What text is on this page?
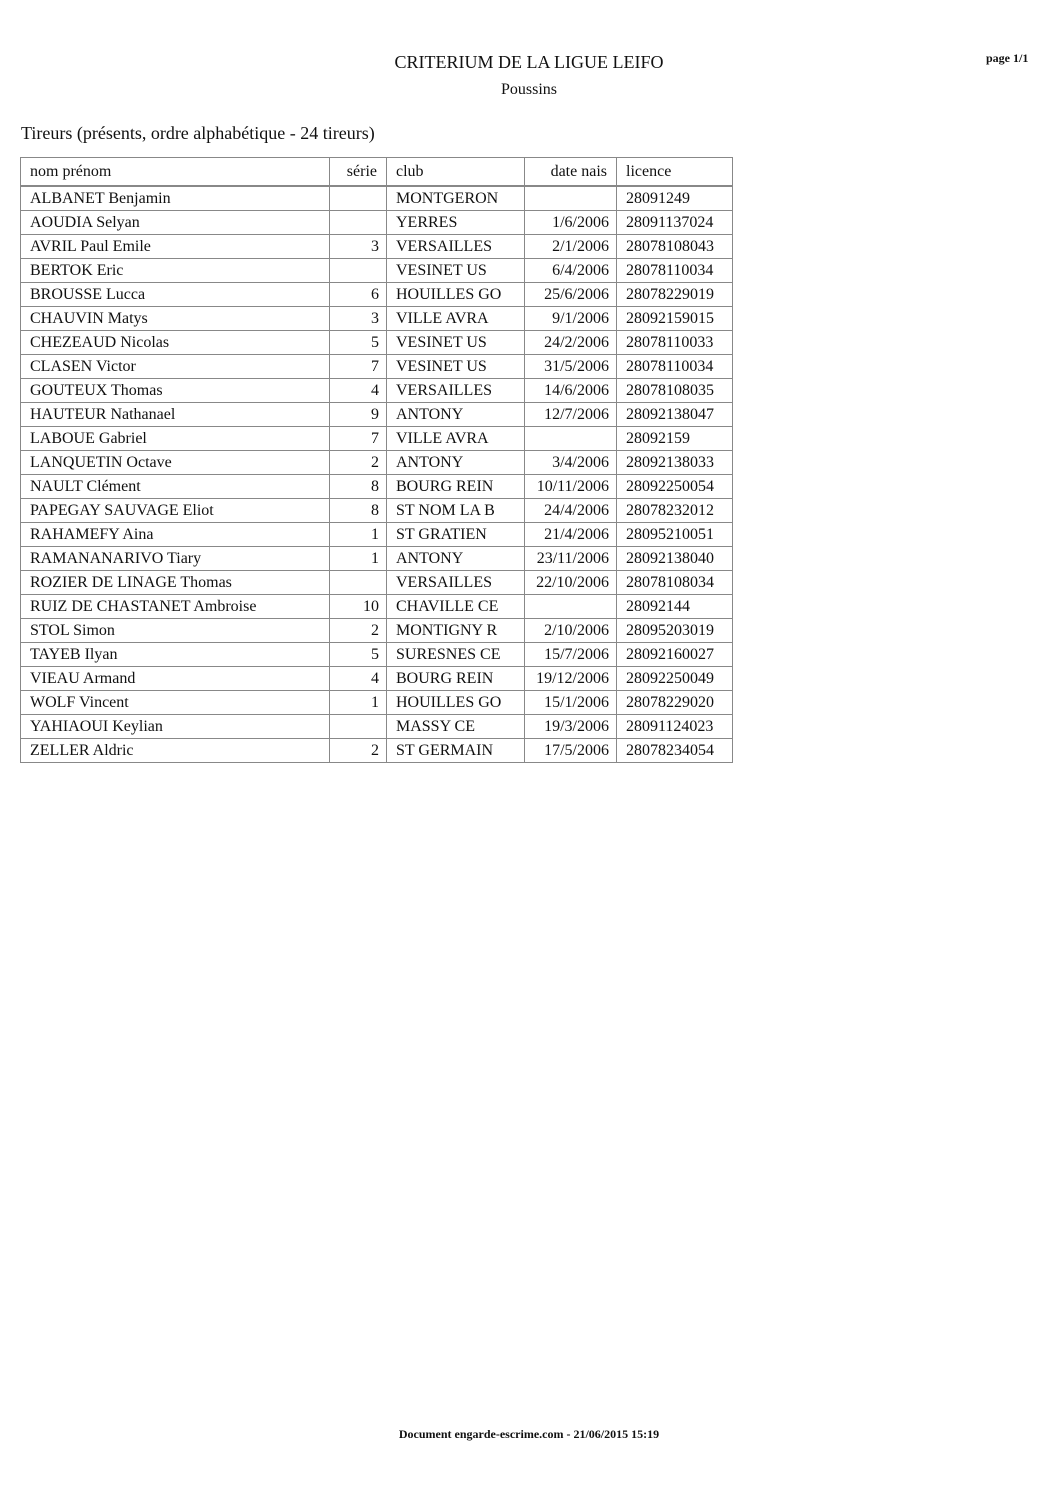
page 1/1
CRITERIUM DE LA LIGUE LEIFO
Poussins
Tireurs (présents, ordre alphabétique - 24 tireurs)
nom prénom	série	club	date nais	licence
ALBANET Benjamin		MONTGERON		28091249
AOUDIA Selyan		YERRES	1/6/2006	28091137024
AVRIL Paul Emile	3	VERSAILLES	2/1/2006	28078108043
BERTOK Eric		VESINET US	6/4/2006	28078110034
BROUSSE Lucca	6	HOUILLES GO	25/6/2006	28078229019
CHAUVIN Matys	3	VILLE AVRA	9/1/2006	28092159015
CHEZEAUD Nicolas	5	VESINET US	24/2/2006	28078110033
CLASEN Victor	7	VESINET US	31/5/2006	28078110034
GOUTEUX Thomas	4	VERSAILLES	14/6/2006	28078108035
HAUTEUR Nathanael	9	ANTONY	12/7/2006	28092138047
LABOUE Gabriel	7	VILLE AVRA		28092159
LANQUETIN Octave	2	ANTONY	3/4/2006	28092138033
NAULT Clément	8	BOURG REIN	10/11/2006	28092250054
PAPEGAY SAUVAGE Eliot	8	ST NOM LA B	24/4/2006	28078232012
RAHAMEFY Aina	1	ST GRATIEN	21/4/2006	28095210051
RAMANANARIVO Tiary	1	ANTONY	23/11/2006	28092138040
ROZIER DE LINAGE Thomas		VERSAILLES	22/10/2006	28078108034
RUIZ DE CHASTANET Ambroise	10	CHAVILLE CE		28092144
STOL Simon	2	MONTIGNY R	2/10/2006	28095203019
TAYEB Ilyan	5	SURESNES CE	15/7/2006	28092160027
VIEAU Armand	4	BOURG REIN	19/12/2006	28092250049
WOLF Vincent	1	HOUILLES GO	15/1/2006	28078229020
YAHIAOUI Keylian		MASSY CE	19/3/2006	28091124023
ZELLER Aldric	2	ST GERMAIN	17/5/2006	28078234054
Document engarde-escrime.com - 21/06/2015 15:19
